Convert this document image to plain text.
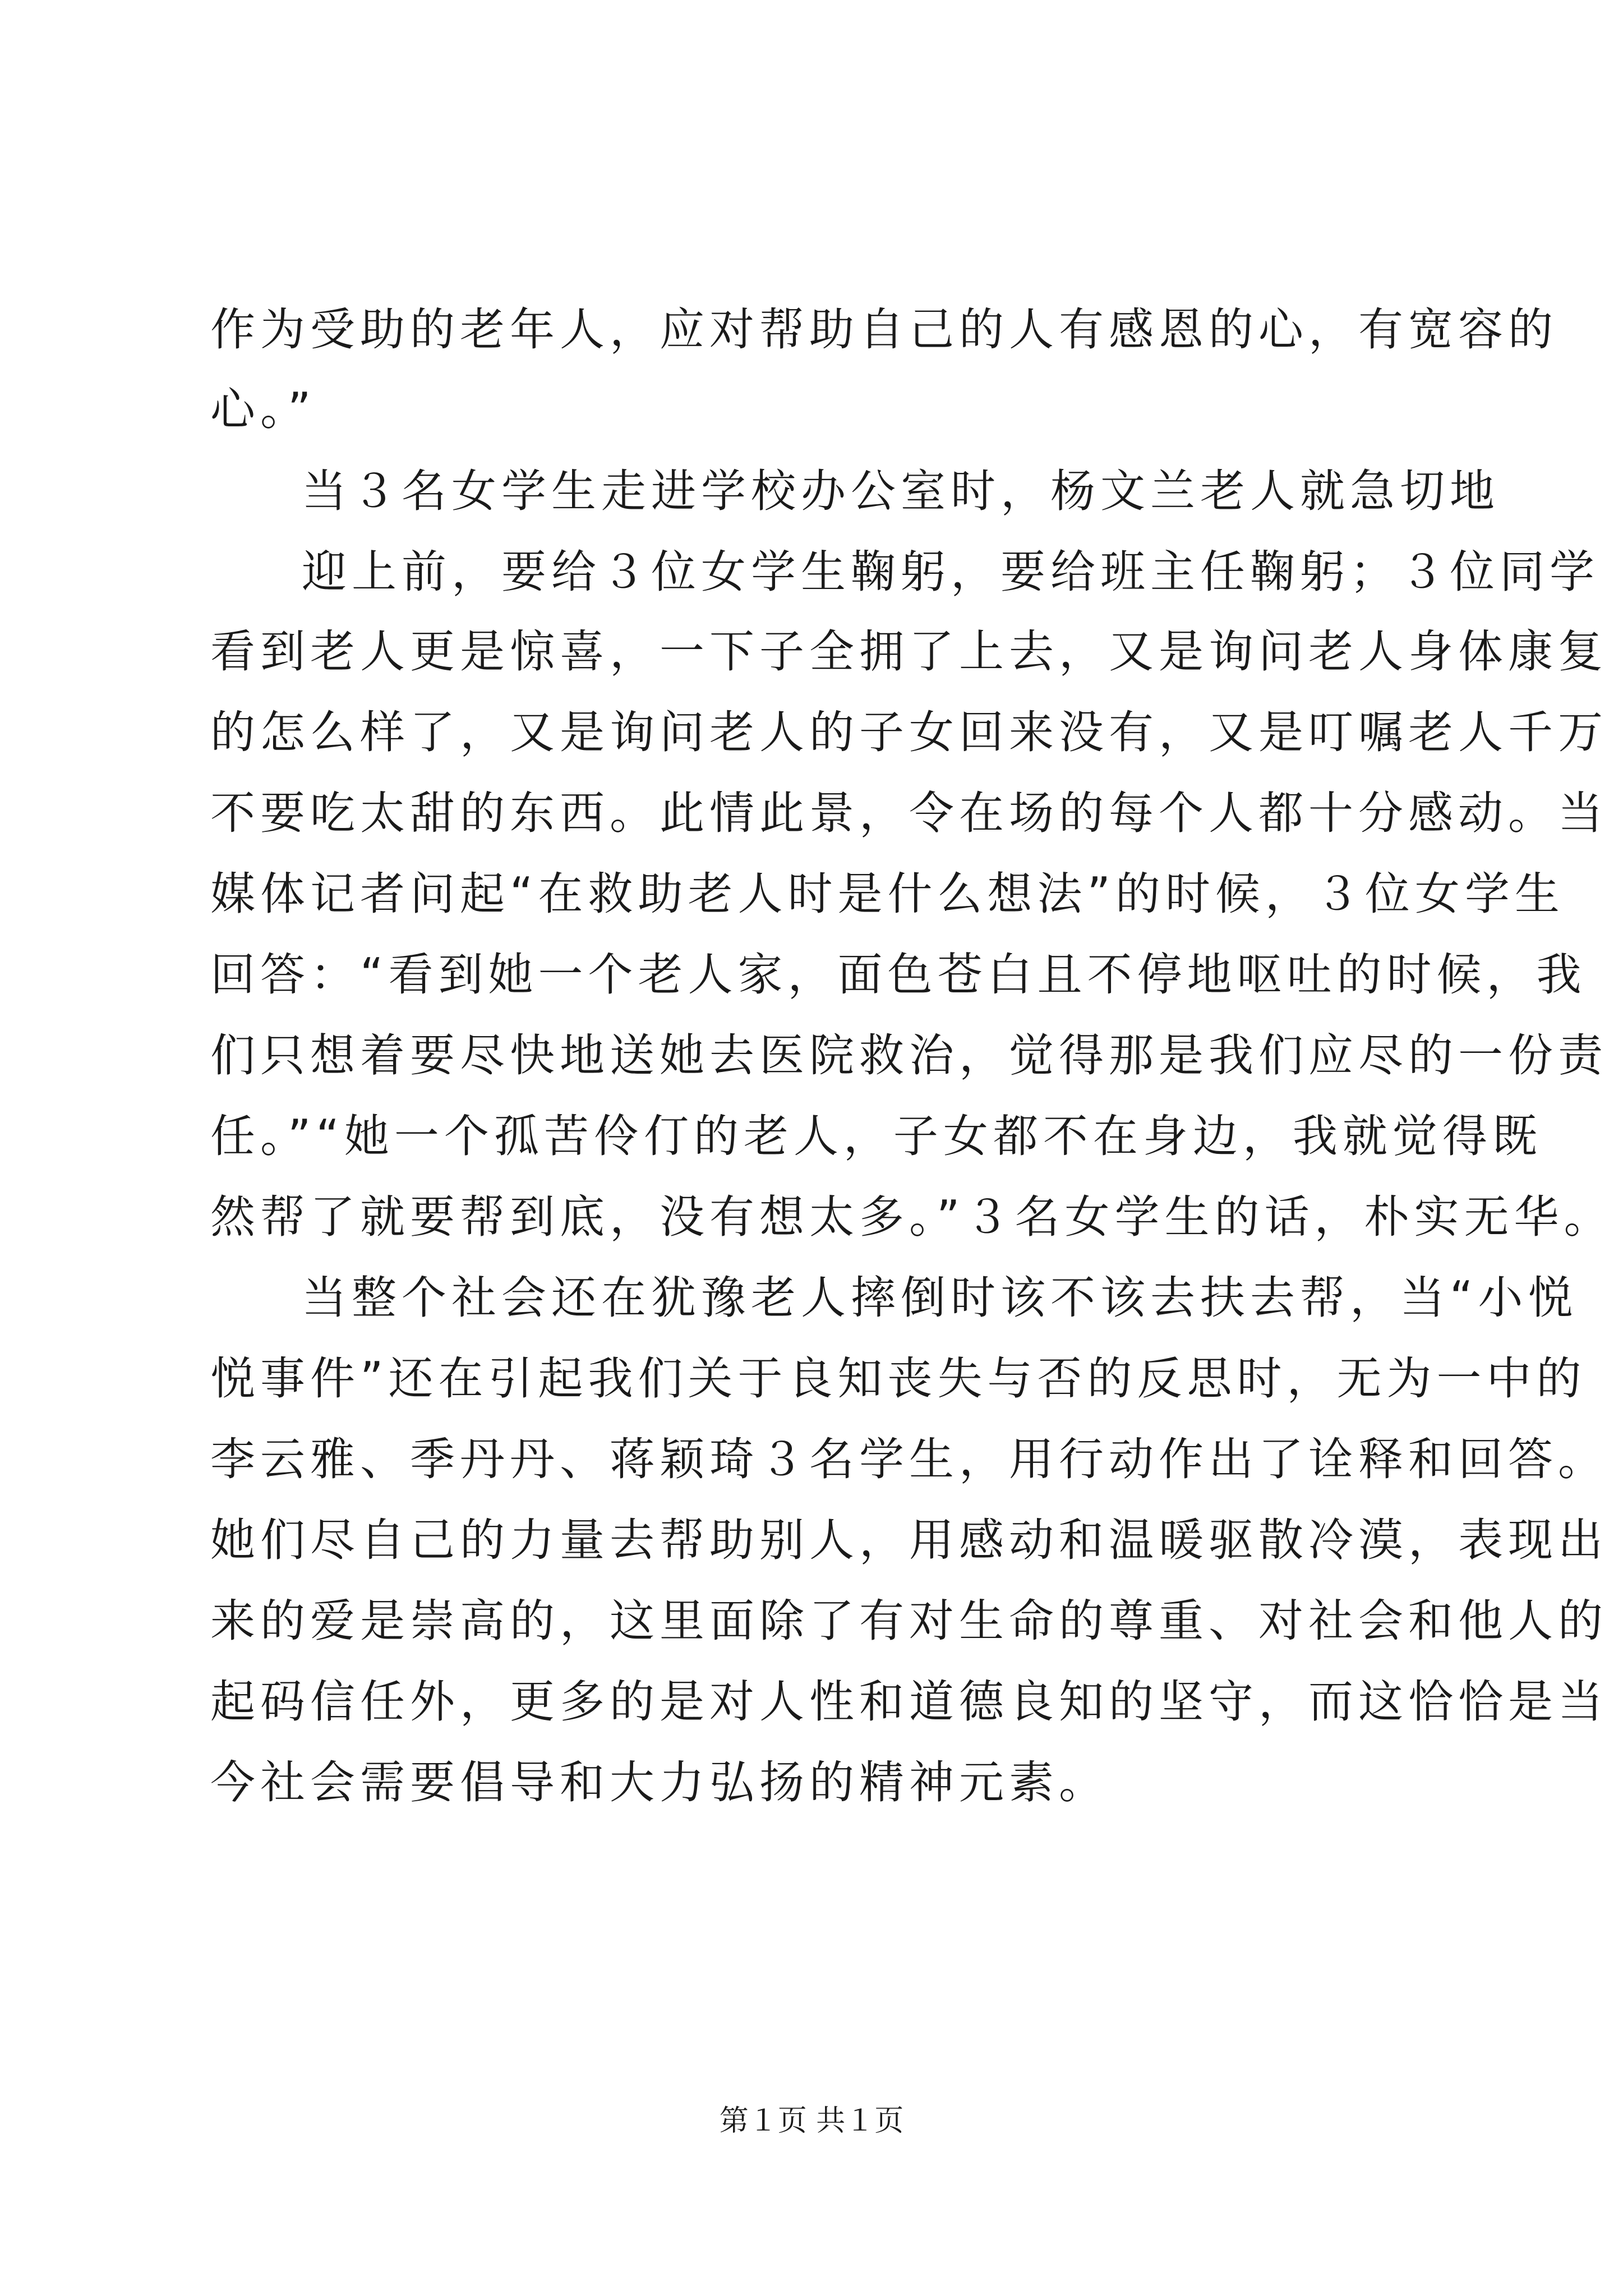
作为受助的老年人，应对帮助自己的人有感恩的心，有宽容的
心。”
当３名女学生走进学校办公室时，杨文兰老人就急切地
迎上前，要给３位女学生鞠躬，要给班主任鞠躬；３位同学
看到老人更是惊喜，一下子全拥了上去，又是询问老人身体康复
的怎么样了，又是询问老人的子女回来没有，又是叮嘱老人千万
不要吃太甜的东西。此情此景，令在场的每个人都十分感动。当
媒体记者问起“在救助老人时是什么想法”的时候，３位女学生
回答：“看到她一个老人家，面色苍白且不停地呕吐的时候，我
们只想着要尽快地送她去医院救治，觉得那是我们应尽的一份责
任。”“她一个孤苦伶仃的老人，子女都不在身边，我就觉得既
然帮了就要帮到底，没有想太多。”３名女学生的话，朴实无华。
当整个社会还在犹豫老人摔倒时该不该去扶去帮，当“小悦
悦事件”还在引起我们关于良知丧失与否的反思时，无为一中的
李云雅、季丹丹、蒋颖琦３名学生，用行动作出了诠释和回答。
她们尽自己的力量去帮助别人，用感动和温暖驱散冷漠，表现出
来的爱是崇高的，这里面除了有对生命的尊重、对社会和他人的
起码信任外，更多的是对人性和道德良知的坚守，而这恰恰是当
今社会需要倡导和大力弘扬的精神元素。
第１页 共１页
